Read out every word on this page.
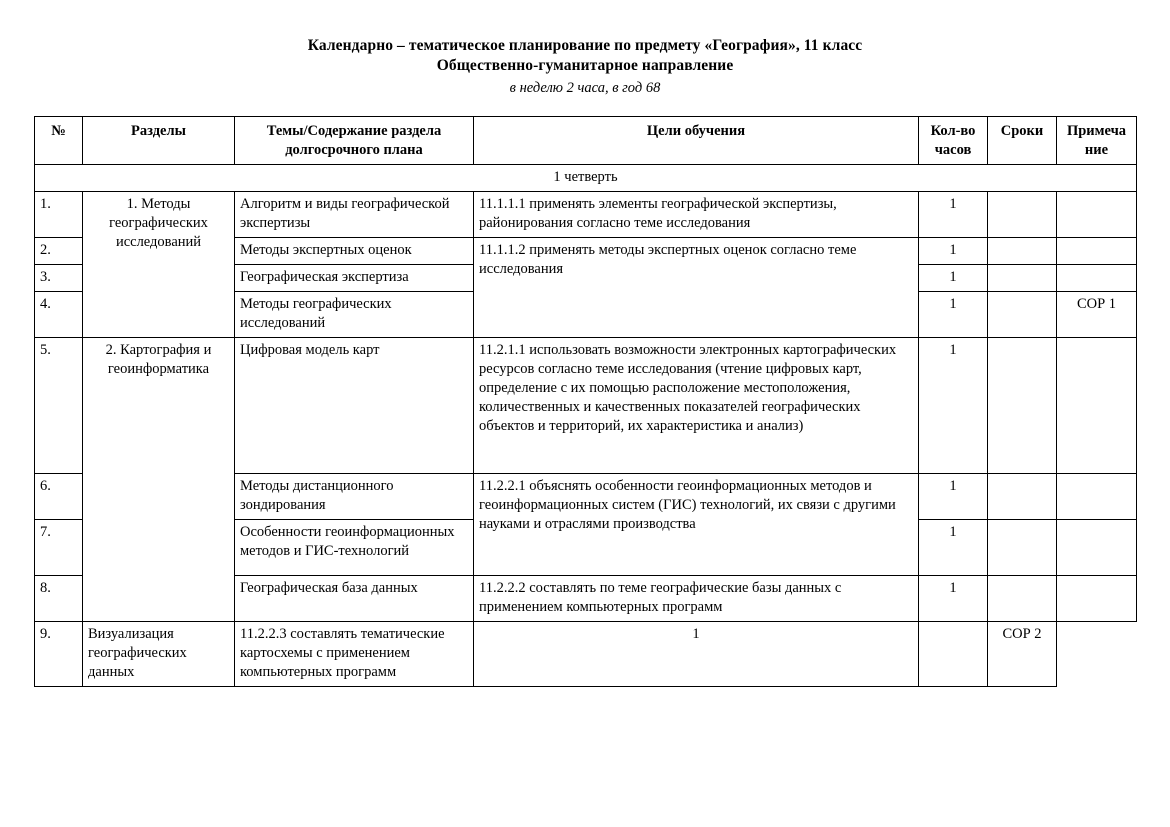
Календарно – тематическое планирование по предмету «География», 11 класс
Общественно-гуманитарное направление
в неделю 2 часа, в год 68
№	Разделы	Темы/Содержание раздела
долгосрочного плана	Цели обучения	Кол-во
часов	Сроки	Примеча
ние
1 четверть						
1.	1. Методы географических исследований	Алгоритм и виды географической экспертизы	11.1.1.1 применять элементы географической экспертизы, районирования согласно теме исследования	1		
2.		Методы экспертных оценок	11.1.1.2 применять методы экспертных оценок согласно теме исследования	1		
3.		Географическая экспертиза		1		
4.		Методы географических исследований		1		СОР 1
5.	2. Картография и геоинформатика	Цифровая модель карт	11.2.1.1 использовать возможности электронных картографических ресурсов согласно теме исследования (чтение цифровых карт, определение с их помощью расположение местоположения, количественных и качественных показателей географических объектов и территорий, их характеристика и анализ)	1		
6.		Методы дистанционного зондирования	11.2.2.1 объяснять особенности геоинформационных методов и геоинформационных систем (ГИС) технологий, их связи с другими науками и отраслями производства	1		
7.		Особенности геоинформационных методов и ГИС-технологий		1		
8.		Географическая база данных	11.2.2.2 составлять по теме географические базы данных с применением компьютерных программ	1		
9.	Визуализация географических данных	11.2.2.3 составлять тематические картосхемы с применением компьютерных программ	1		СОР 2	
